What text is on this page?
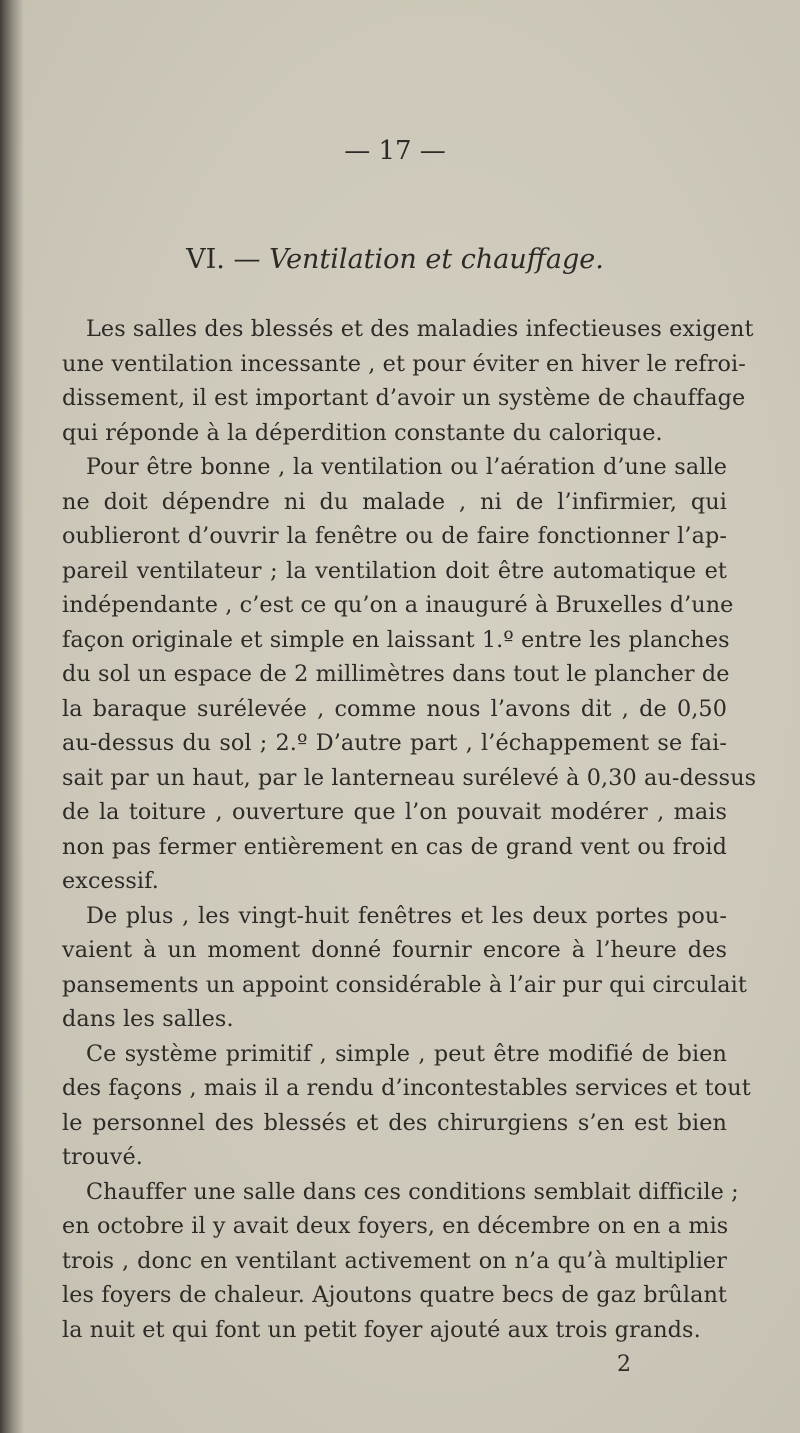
— 17 —
VI. — Ventilation et chauffage.

Les salles des blessés et des maladies infectieuses exigent
une ventilation incessante , et pour éviter en hiver le refroi-
dissement, il est important d’avoir un système de chauffage
qui réponde à la déperdition constante du calorique.

Pour être bonne , la ventilation ou l’aération d’une salle
ne doit dépendre ni du malade , ni de l’infirmier, qui
oublieront d’ouvrir la fenêtre ou de faire fonctionner l’ap-
pareil ventilateur ; la ventilation doit être automatique et
indépendante , c’est ce qu’on a inauguré à Bruxelles d’une
façon originale et simple en laissant 1.º entre les planches
du sol un espace de 2 millimètres dans tout le plancher de
la baraque surélevée , comme nous l’avons dit , de 0,50
au-dessus du sol ; 2.º D’autre part , l’échappement se fai-
sait par un haut, par le lanterneau surélevé à 0,30 au-dessus
de la toiture , ouverture que l’on pouvait modérer , mais
non pas fermer entièrement en cas de grand vent ou froid
excessif.

De plus , les vingt-huit fenêtres et les deux portes pou-
vaient à un moment donné fournir encore à l’heure des
pansements un appoint considérable à l’air pur qui circulait
dans les salles.

Ce système primitif , simple , peut être modifié de bien
des façons , mais il a rendu d’incontestables services et tout
le personnel des blessés et des chirurgiens s’en est bien
trouvé.

Chauffer une salle dans ces conditions semblait difficile ;
en octobre il y avait deux foyers, en décembre on en a mis
trois , donc en ventilant activement on n’a qu’à multiplier
les foyers de chaleur. Ajoutons quatre becs de gaz brûlant
la nuit et qui font un petit foyer ajouté aux trois grands.

2
